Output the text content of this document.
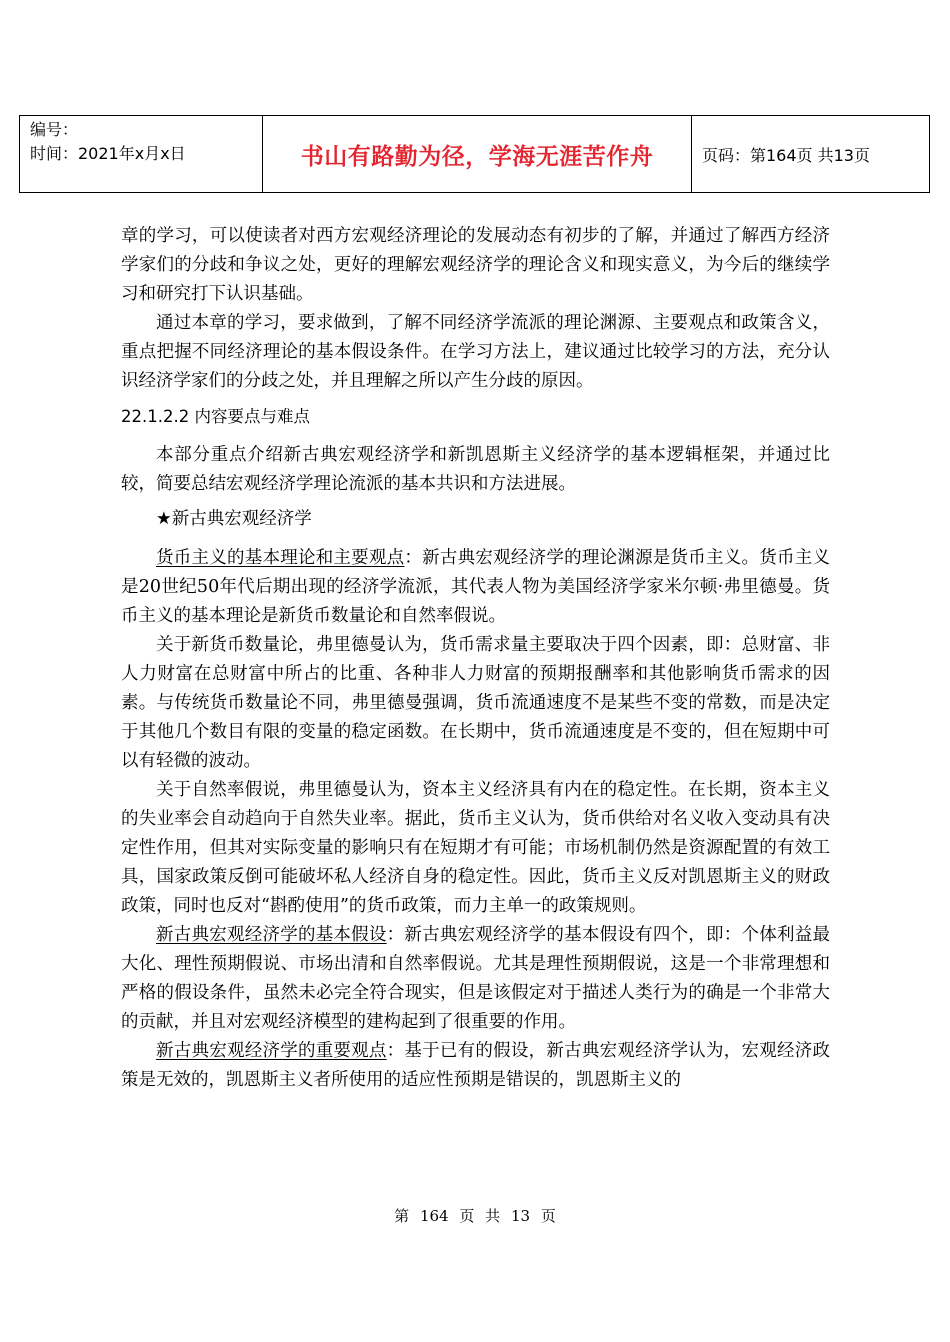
编号：
时间：2021年x月x日	书山有路勤为径，学海无涯苦作舟	页码：第164页 共13页

章的学习，可以使读者对西方宏观经济理论的发展动态有初步的了解，并通过了解西方经济学家们的分歧和争议之处，更好的理解宏观经济学的理论含义和现实意义，为今后的继续学习和研究打下认识基础。

通过本章的学习，要求做到，了解不同经济学流派的理论渊源、主要观点和政策含义，重点把握不同经济理论的基本假设条件。在学习方法上，建议通过比较学习的方法，充分认识经济学家们的分歧之处，并且理解之所以产生分歧的原因。

22.1.2.2 内容要点与难点

本部分重点介绍新古典宏观经济学和新凯恩斯主义经济学的基本逻辑框架，并通过比较，简要总结宏观经济学理论流派的基本共识和方法进展。

★新古典宏观经济学

货币主义的基本理论和主要观点：新古典宏观经济学的理论渊源是货币主义。货币主义是20世纪50年代后期出现的经济学流派，其代表人物为美国经济学家米尔顿·弗里德曼。货币主义的基本理论是新货币数量论和自然率假说。

关于新货币数量论，弗里德曼认为，货币需求量主要取决于四个因素，即：总财富、非人力财富在总财富中所占的比重、各种非人力财富的预期报酬率和其他影响货币需求的因素。与传统货币数量论不同，弗里德曼强调，货币流通速度不是某些不变的常数，而是决定于其他几个数目有限的变量的稳定函数。在长期中，货币流通速度是不变的，但在短期中可以有轻微的波动。

关于自然率假说，弗里德曼认为，资本主义经济具有内在的稳定性。在长期，资本主义的失业率会自动趋向于自然失业率。据此，货币主义认为，货币供给对名义收入变动具有决定性作用，但其对实际变量的影响只有在短期才有可能；市场机制仍然是资源配置的有效工具，国家政策反倒可能破坏私人经济自身的稳定性。因此，货币主义反对凯恩斯主义的财政政策，同时也反对“斟酌使用”的货币政策，而力主单一的政策规则。

新古典宏观经济学的基本假设：新古典宏观经济学的基本假设有四个，即：个体利益最大化、理性预期假说、市场出清和自然率假说。尤其是理性预期假说，这是一个非常理想和严格的假设条件，虽然未必完全符合现实，但是该假定对于描述人类行为的确是一个非常大的贡献，并且对宏观经济模型的建构起到了很重要的作用。

新古典宏观经济学的重要观点：基于已有的假设，新古典宏观经济学认为，宏观经济政策是无效的，凯恩斯主义者所使用的适应性预期是错误的，凯恩斯主义的

第 164 页 共 13 页
